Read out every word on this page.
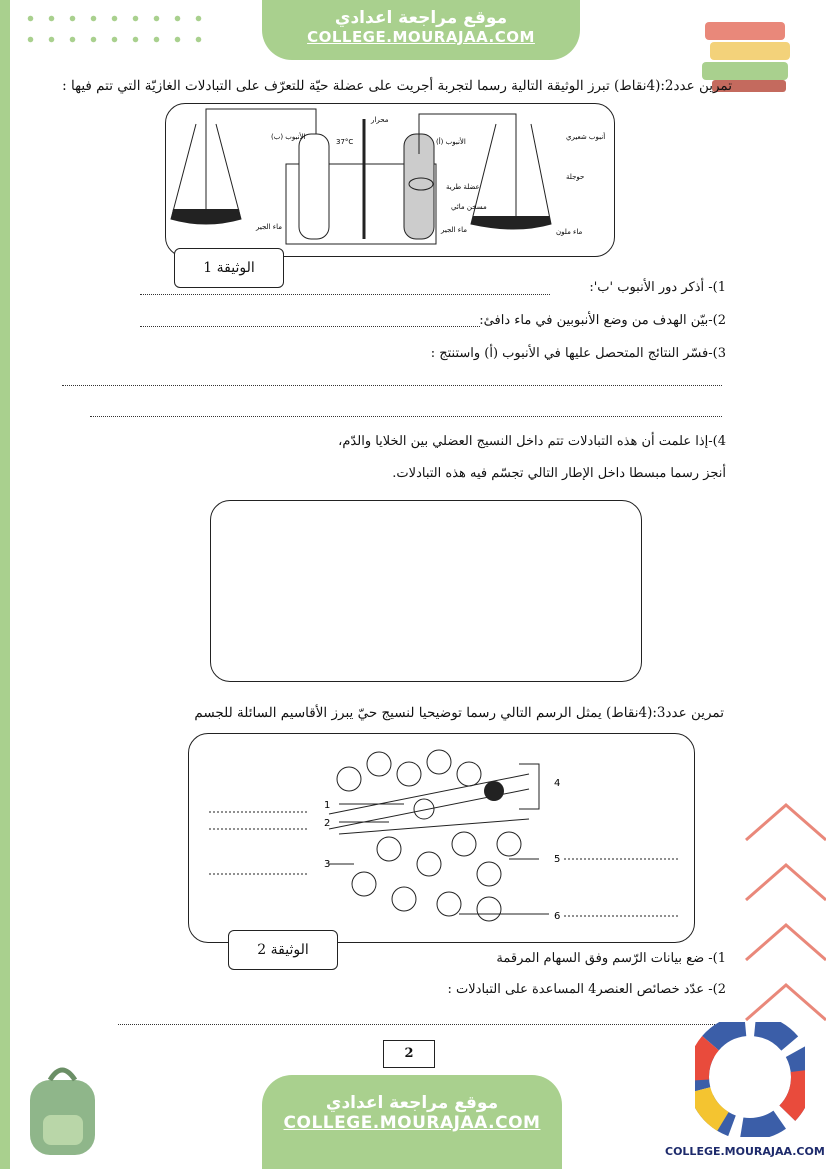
موقع مراجعة اعدادي
COLLEGE.MOURAJAA.COM
تمرين عدد2:(4نقاط) تبرز الوثيقة التالية رسما لتجربة أجريت على عضلة حيّة للتعرّف على التبادلات الغازيّة التي تتم فيها :
الأنبوب (ب)
37°C
محرار
الأنبوب (أ)
أنبوب شعيري
حوجلة
عضلة طرية
مسخن مائي
ماء الجير	ماء الجير	ماء ملون
الوثيقة 1
1)- أذكر دور الأنبوب 'ب':
2)-بيّن الهدف من وضع الأنبوبين في ماء دافئ:
3)-فسّر النتائج المتحصل عليها في الأنبوب (أ) واستنتج :
4)-إذا علمت أن هذه التبادلات تتم داخل النسيج العضلي بين الخلايا والدّم،
أنجز رسما مبسطا داخل الإطار التالي تجسّم فيه هذه التبادلات.
تمرين عدد3:(4نقاط) يمثل الرسم التالي رسما توضيحيا لنسيج حيّ يبرز الأقاسيم السائلة للجسم
1
2
3
4
5
6
الوثيقة 2
1)- ضع بيانات الرّسم وفق السهام المرقمة
2)- عدّد خصائص العنصر4 المساعدة على التبادلات :
2
موقع مراجعة اعدادي
COLLEGE.MOURAJAA.COM
COLLEGE.MOURAJAA.COM
